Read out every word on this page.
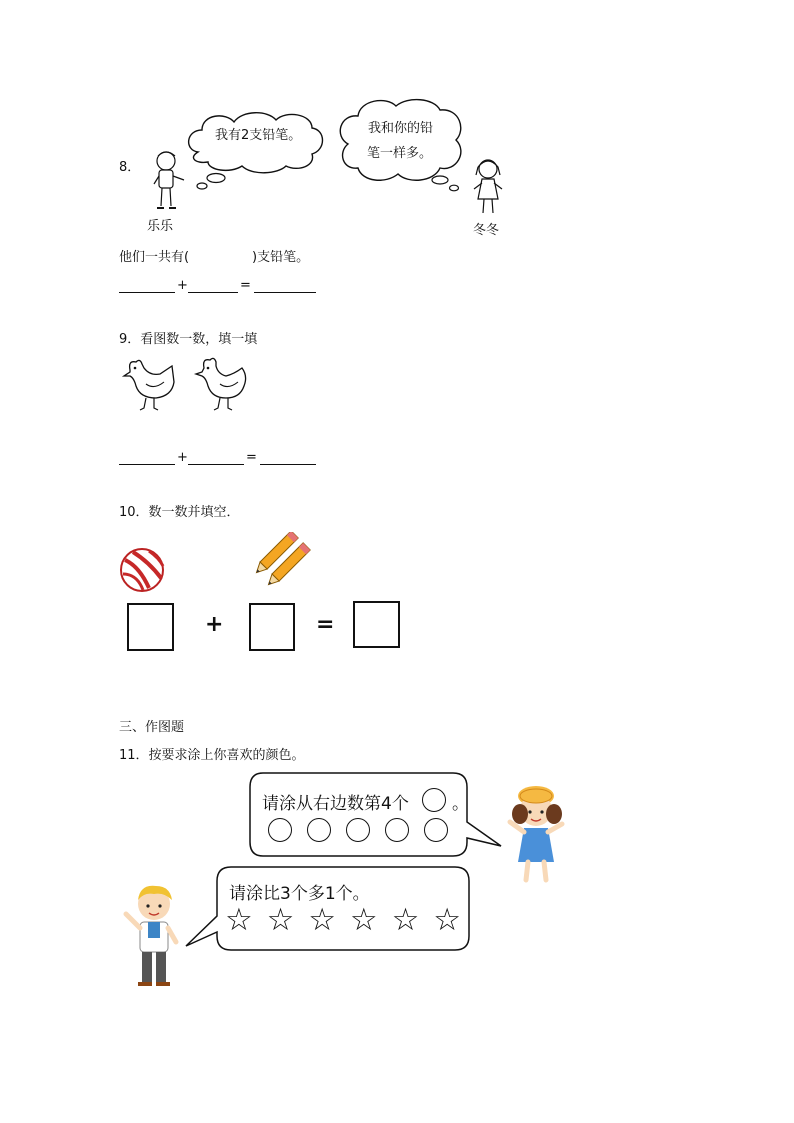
8．
我有2支铅笔。	我和你的铅
笔一样多。
乐乐	冬冬
他们一共有(	)支铅笔。
+	=
9．看图数一数，填一填
+	=
10．数一数并填空．
+	=
三、作图题
11．按要求涂上你喜欢的颜色。
请涂从右边数第4个	。
请涂比3个多1个。
☆ ☆ ☆ ☆ ☆ ☆
